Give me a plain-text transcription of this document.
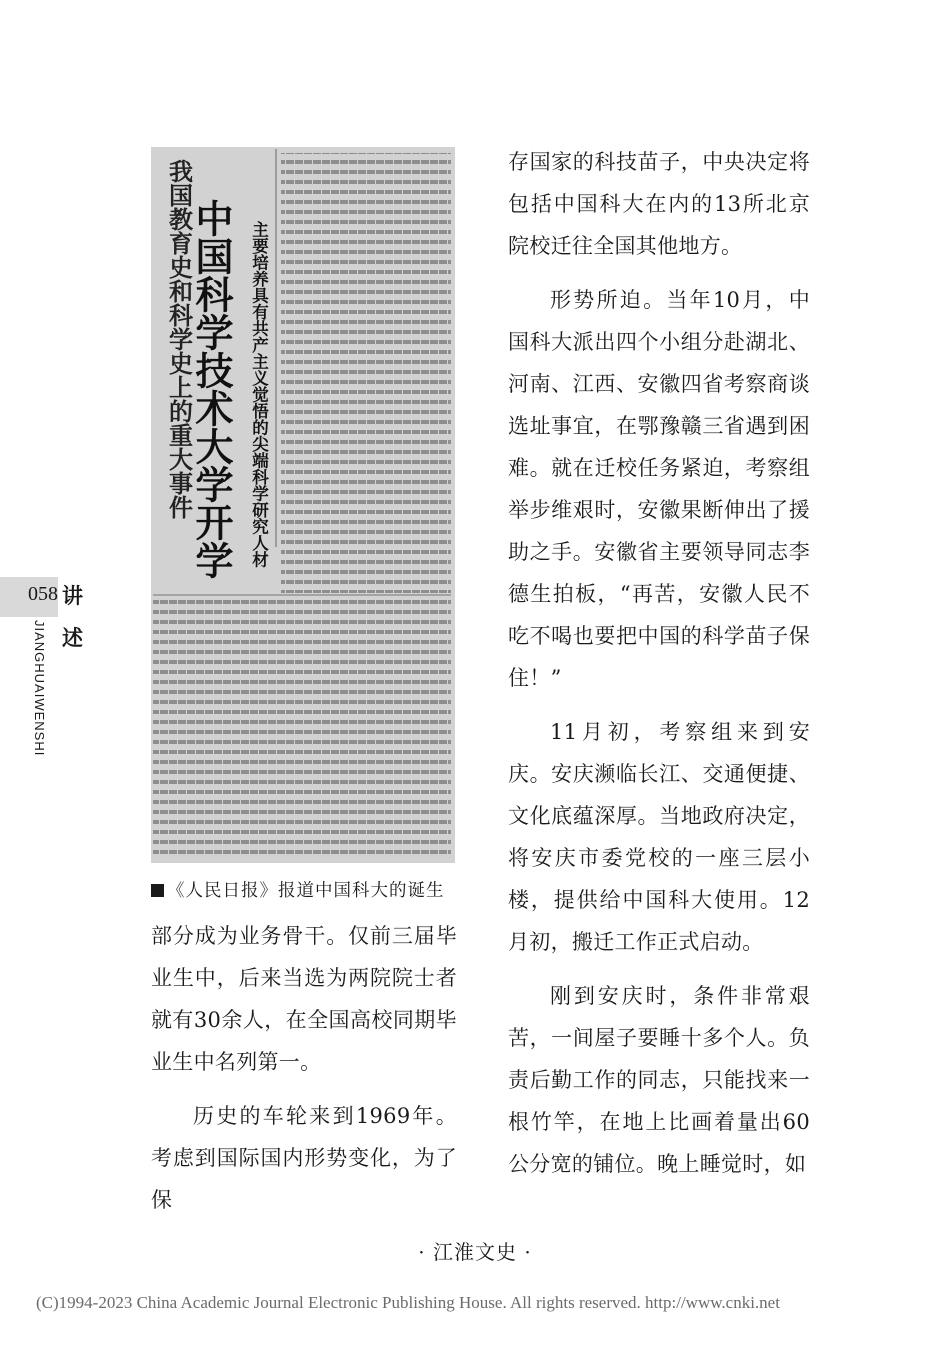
中国科学技术大学开学 主要培养具有共产主义觉悟的尖端科学研究人材
我国教育史和科学史上的重大事件
《人民日报》报道中国科大的诞生

部分成为业务骨干。仅前三届毕业生中，后来当选为两院院士者就有30余人，在全国高校同期毕业生中名列第一。

历史的车轮来到1969年。考虑到国际国内形势变化，为了保

存国家的科技苗子，中央决定将包括中国科大在内的13所北京院校迁往全国其他地方。

形势所迫。当年10月，中国科大派出四个小组分赴湖北、河南、江西、安徽四省考察商谈选址事宜，在鄂豫赣三省遇到困难。就在迁校任务紧迫，考察组举步维艰时，安徽果断伸出了援助之手。安徽省主要领导同志李德生拍板，“再苦，安徽人民不吃不喝也要把中国的科学苗子保住！”

11月初，考察组来到安庆。安庆濒临长江、交通便捷、文化底蕴深厚。当地政府决定，将安庆市委党校的一座三层小楼，提供给中国科大使用。12月初，搬迁工作正式启动。

刚到安庆时，条件非常艰苦，一间屋子要睡十多个人。负责后勤工作的同志，只能找来一根竹竿，在地上比画着量出60公分宽的铺位。晚上睡觉时，如

058 讲
述
JIANGHUAIWENSHI
· 江淮文史 ·
(C)1994-2023 China Academic Journal Electronic Publishing House. All rights reserved. http://www.cnki.net
